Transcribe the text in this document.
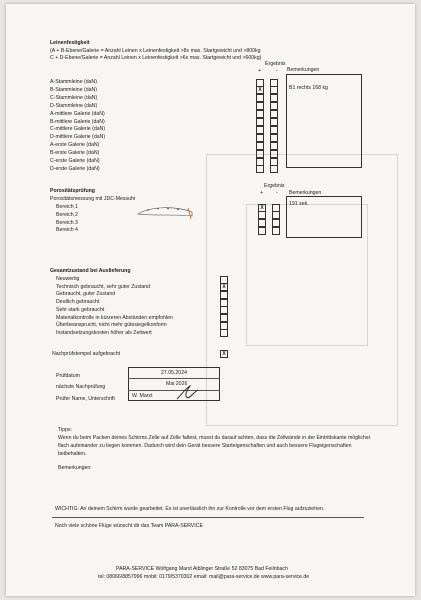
Leinenfestigkeit
(A + B-Ebene/Galerie = Anzahl Leinen x Leinenfestigkeit >8x max. Startgewicht und >800kg
C + D-Ebene/Galerie = Anzahl Leinen x Leinenfestigkeit >6x max. Startgewicht und >600kg)
Ergebnis
+	- Bemerkungen
B1 rechts 168 kg
Porositätsprüfung
Porositätsmessung mit JDC-Messuhr
Ergebnis
+ - Bemerkungen
191 sek.
Gesamtzustand bei Auslieferung
Nachprüfstempel aufgebracht	X
Prüfdatum	27.05.2024
nächste Nachprüfung	Mai 2026
Prüfer Name, Unterschrift	W. Marxt
Tipps:
Wenn du beim Packen deines Schirms Zelle auf Zelle faltest, musst du darauf achten, dass die Zellwände in der Eintrittskante möglichst
flach aufeinander zu liegen kommen. Dadurch wird dein Gerät bessere Starteigenschaften und auch bessere Flugeigenschaften
beibehalten.
Bemerkungen:
WICHTIG: An deinem Schirm wurde gearbeitet. Es ist unerlässlich ihn zur Kontrolle vor dem ersten Flug aufzuziehen.
Noch viele schöne Flüge wünscht dir das Team PARA-SERVICE
PARA-SERVICE Wolfgang Marxt Aiblinger Straße 52 83075 Bad Feilnbach
tel: 08066/8857996 mobil: 0179/5370302 email: mail@para-service.de www.para-service.de
A-Stammleine (daN)
B-Stammleine (daN)	X
C-Stammleine (daN)
D-Stammleine (daN)
A-mittlere Galerie (daN)
B-mittlere Galerie (daN)
C-mittlere Galerie (daN)
D-mittlere Galerie (daN)
A-erste Galerie (daN)
B-erste Galerie (daN)
C-erste Galerie (daN)
D-erste Galerie (daN)
Bereich 1	X
Bereich 2
Bereich 3
Bereich 4
Neuwertig
Technisch gebraucht, sehr guter Zustand	X
Gebraucht, guter Zustand
Deutlich gebraucht
Sehr stark gebraucht
Materialkontrolle in kürzeren Abständen empfohlen
Überbeansprucht, nicht mehr gütesiegelkonform
Instandsetzungskosten höher als Zeitwert
